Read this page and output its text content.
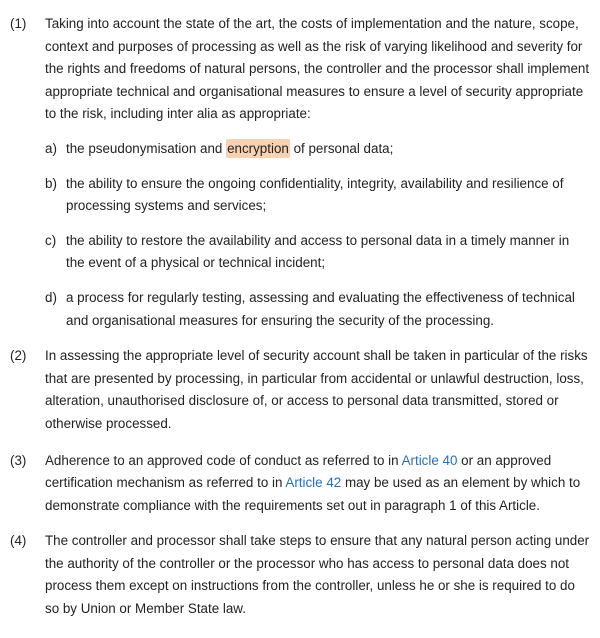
(1) Taking into account the state of the art, the costs of implementation and the nature, scope, context and purposes of processing as well as the risk of varying likelihood and severity for the rights and freedoms of natural persons, the controller and the processor shall implement appropriate technical and organisational measures to ensure a level of security appropriate to the risk, including inter alia as appropriate:

a) the pseudonymisation and encryption of personal data;
b) the ability to ensure the ongoing confidentiality, integrity, availability and resilience of processing systems and services;
c) the ability to restore the availability and access to personal data in a timely manner in the event of a physical or technical incident;
d) a process for regularly testing, assessing and evaluating the effectiveness of technical and organisational measures for ensuring the security of the processing.
(2) In assessing the appropriate level of security account shall be taken in particular of the risks that are presented by processing, in particular from accidental or unlawful destruction, loss, alteration, unauthorised disclosure of, or access to personal data transmitted, stored or otherwise processed.

(3) Adherence to an approved code of conduct as referred to in Article 40 or an approved certification mechanism as referred to in Article 42 may be used as an element by which to demonstrate compliance with the requirements set out in paragraph 1 of this Article.

(4) The controller and processor shall take steps to ensure that any natural person acting under the authority of the controller or the processor who has access to personal data does not process them except on instructions from the controller, unless he or she is required to do so by Union or Member State law.
